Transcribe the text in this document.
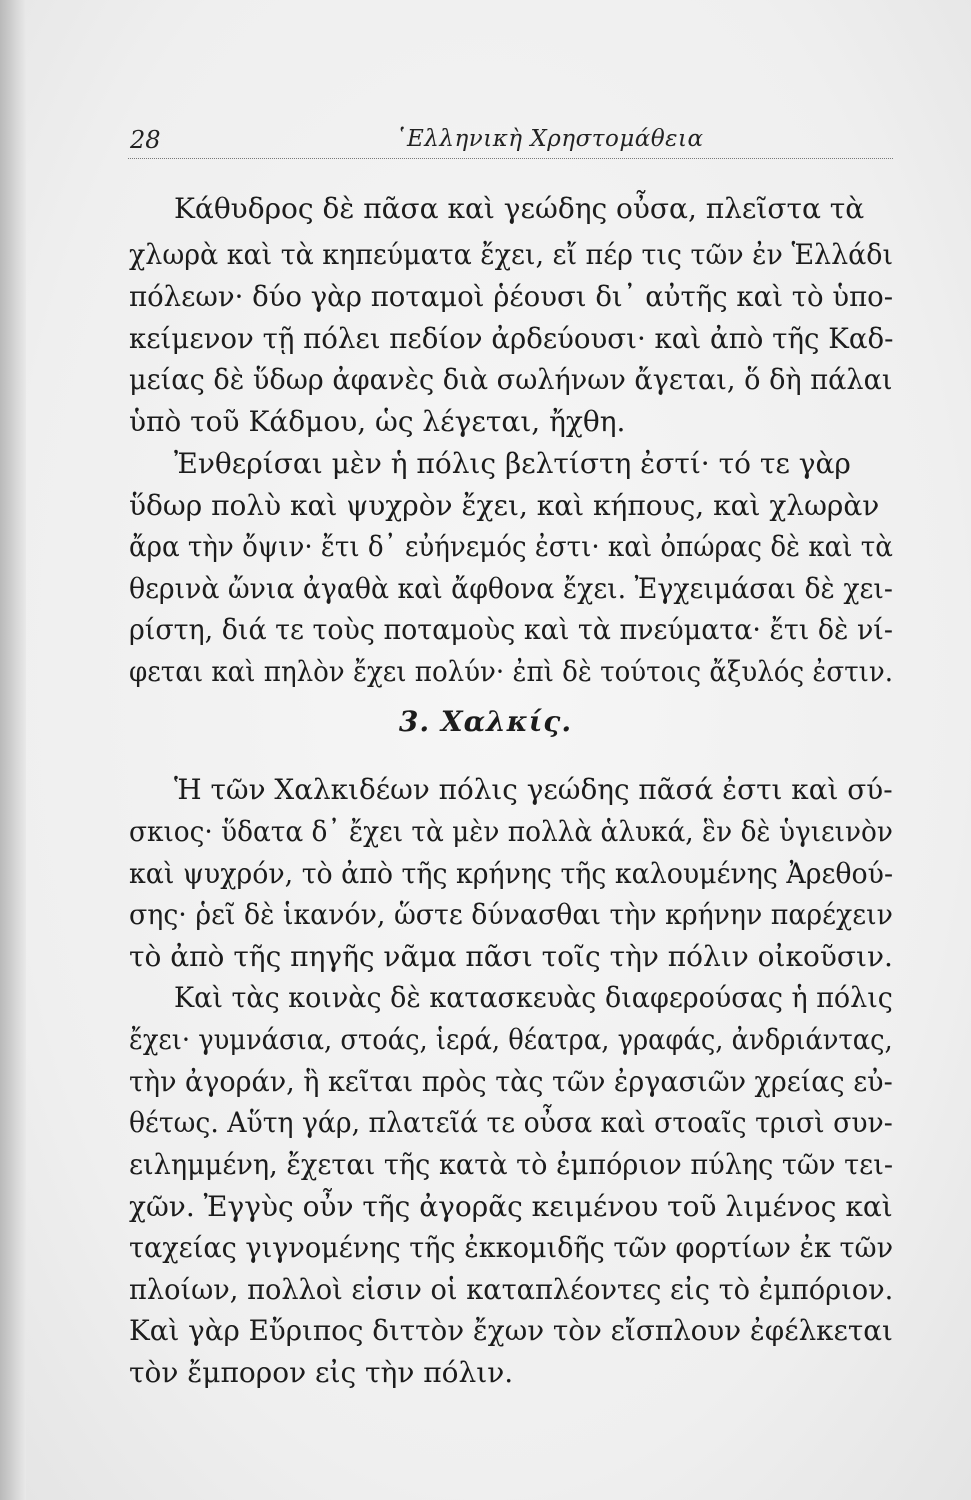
28	῾Ελληνικὴ Χρηστομάθεια
Κάθυδρος δὲ πᾶσα καὶ γεώδης οὖσα, πλεῖστα τὰ
χλωρὰ καὶ τὰ κηπεύματα ἔχει, εἴ πέρ τις τῶν ἐν Ἑλλάδι
πόλεων· δύο γὰρ ποταμοὶ ῥέουσι δι᾿ αὐτῆς καὶ τὸ ὑπο-
κείμενον τῇ πόλει πεδίον ἀρδεύουσι· καὶ ἀπὸ τῆς Καδ-
μείας δὲ ὕδωρ ἀφανὲς διὰ σωλήνων ἄγεται, ὅ δὴ πάλαι
ὑπὸ τοῦ Κάδμου, ὡς λέγεται, ἤχθη.
Ἐνθερίσαι μὲν ἡ πόλις βελτίστη ἐστί· τό τε γὰρ
ὕδωρ πολὺ καὶ ψυχρὸν ἔχει, καὶ κήπους, καὶ χλωρὰν
ἄρα τὴν ὄψιν· ἔτι δ᾿ εὐήνεμός ἐστι· καὶ ὀπώρας δὲ καὶ τὰ
θερινὰ ὤνια ἀγαθὰ καὶ ἄφθονα ἔχει. Ἐγχειμάσαι δὲ χει-
ρίστη, διά τε τοὺς ποταμοὺς καὶ τὰ πνεύματα· ἔτι δὲ νί-
φεται καὶ πηλὸν ἔχει πολύν· ἐπὶ δὲ τούτοις ἄξυλός ἐστιν.
3. Χαλκίς.
Ἡ τῶν Χαλκιδέων πόλις γεώδης πᾶσά ἐστι καὶ σύ-
σκιος· ὕδατα δ᾿ ἔχει τὰ μὲν πολλὰ ἁλυκά, ἓν δὲ ὑγιεινὸν
καὶ ψυχρόν, τὸ ἀπὸ τῆς κρήνης τῆς καλουμένης Ἀρεθού-
σης· ῥεῖ δὲ ἱκανόν, ὥστε δύνασθαι τὴν κρήνην παρέχειν
τὸ ἀπὸ τῆς πηγῆς νᾶμα πᾶσι τοῖς τὴν πόλιν οἰκοῦσιν.
Καὶ τὰς κοινὰς δὲ κατασκευὰς διαφερούσας ἡ πόλις
ἔχει· γυμνάσια, στοάς, ἱερά, θέατρα, γραφάς, ἀνδριάντας,
τὴν ἀγοράν, ἣ κεῖται πρὸς τὰς τῶν ἐργασιῶν χρείας εὐ-
θέτως. Αὕτη γάρ, πλατεῖά τε οὖσα καὶ στοαῖς τρισὶ συν-
ειλημμένη, ἔχεται τῆς κατὰ τὸ ἐμπόριον πύλης τῶν τει-
χῶν. Ἐγγὺς οὖν τῆς ἀγορᾶς κειμένου τοῦ λιμένος καὶ
ταχείας γιγνομένης τῆς ἐκκομιδῆς τῶν φορτίων ἐκ τῶν
πλοίων, πολλοὶ εἰσιν οἱ καταπλέοντες εἰς τὸ ἐμπόριον.
Καὶ γὰρ Εὔριπος διττὸν ἔχων τὸν εἴσπλουν ἐφέλκεται
τὸν ἔμπορον εἰς τὴν πόλιν.
